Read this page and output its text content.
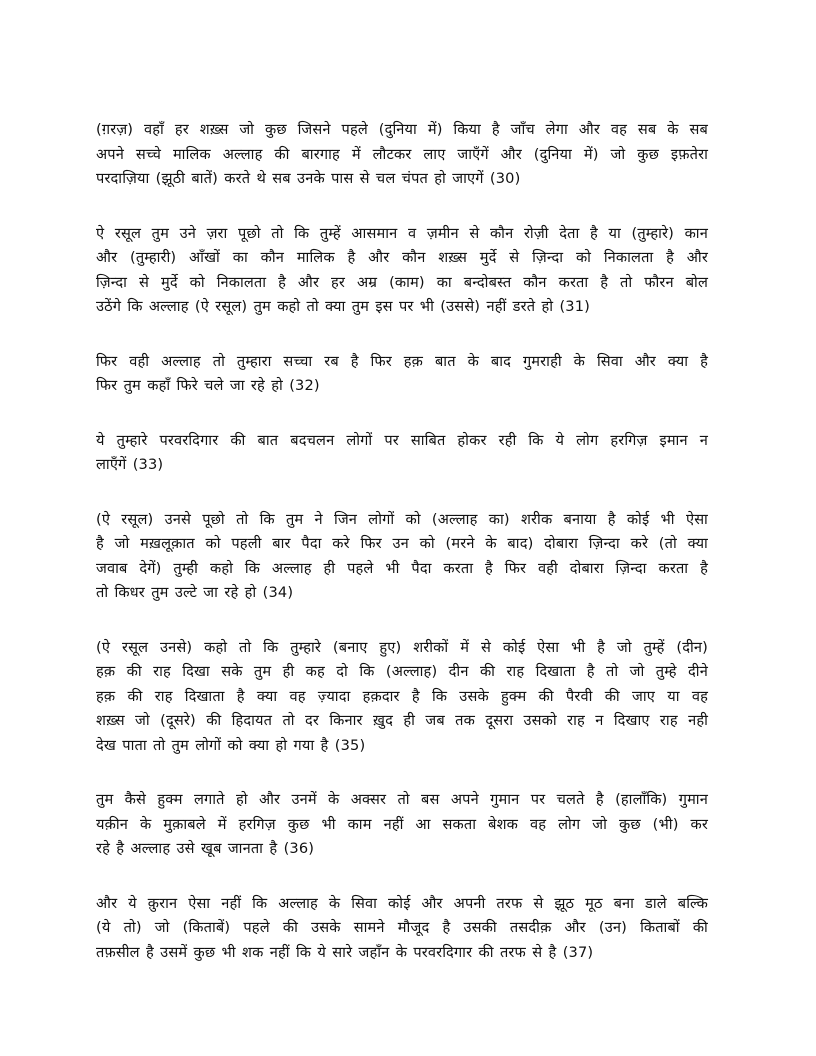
(ग़रज़) वहाँ हर शख़्स जो कुछ जिसने पहले (दुनिया में) किया है जाँच लेगा और वह सब के सब
अपने सच्चे मालिक अल्लाह की बारगाह में लौटकर लाए जाएँगें और (दुनिया में) जो कुछ इफ़तेरा
परदाज़िया (झूठी बातें) करते थे सब उनके पास से चल चंपत हो जाएगें (30)
ऐ रसूल तुम उने ज़रा पूछो तो कि तुम्हें आसमान व ज़मीन से कौन रोज़ी देता है या (तुम्हारे) कान
और (तुम्हारी) आँखों का कौन मालिक है और कौन शख़्स मुर्दे से ज़िन्दा को निकालता है और
ज़िन्दा से मुर्दे को निकालता है और हर अम्र (काम) का बन्दोबस्त कौन करता है तो फौरन बोल
उठेंगे कि अल्लाह (ऐ रसूल) तुम कहो तो क्या तुम इस पर भी (उससे) नहीं डरते हो (31)
फिर वही अल्लाह तो तुम्हारा सच्चा रब है फिर हक़ बात के बाद गुमराही के सिवा और क्या है
फिर तुम कहाँ फिरे चले जा रहे हो (32)
ये तुम्हारे परवरदिगार की बात बदचलन लोगों पर साबित होकर रही कि ये लोग हरगिज़ इमान न
लाएँगें (33)
(ऐ रसूल) उनसे पूछो तो कि तुम ने जिन लोगों को (अल्लाह का) शरीक बनाया है कोई भी ऐसा
है जो मख़लूक़ात को पहली बार पैदा करे फिर उन को (मरने के बाद) दोबारा ज़िन्दा करे (तो क्या
जवाब देगें) तुम्ही कहो कि अल्लाह ही पहले भी पैदा करता है फिर वही दोबारा ज़िन्दा करता है
तो किधर तुम उल्टे जा रहे हो (34)
(ऐ रसूल उनसे) कहो तो कि तुम्हारे (बनाए हुए) शरीकों में से कोई ऐसा भी है जो तुम्हें (दीन)
हक़ की राह दिखा सके तुम ही कह दो कि (अल्लाह) दीन की राह दिखाता है तो जो तुम्हे दीने
हक़ की राह दिखाता है क्या वह ज़्यादा हक़दार है कि उसके हुक्म की पैरवी की जाए या वह
शख़्स जो (दूसरे) की हिदायत तो दर किनार ख़ुद ही जब तक दूसरा उसको राह न दिखाए राह नही
देख पाता तो तुम लोगों को क्या हो गया है (35)
तुम कैसे हुक्म लगाते हो और उनमें के अक्सर तो बस अपने गुमान पर चलते है (हालाँकि) गुमान
यक़ीन के मुक़ाबले में हरगिज़ कुछ भी काम नहीं आ सकता बेशक वह लोग जो कुछ (भी) कर
रहे है अल्लाह उसे खूब जानता है (36)
और ये क़ुरान ऐसा नहीं कि अल्लाह के सिवा कोई और अपनी तरफ से झूठ मूठ बना डाले बल्कि
(ये तो) जो (किताबें) पहले की उसके सामने मौजूद है उसकी तसदीक़ और (उन) किताबों की
तफ़सील है उसमें कुछ भी शक नहीं कि ये सारे जहाँन के परवरदिगार की तरफ से है (37)
